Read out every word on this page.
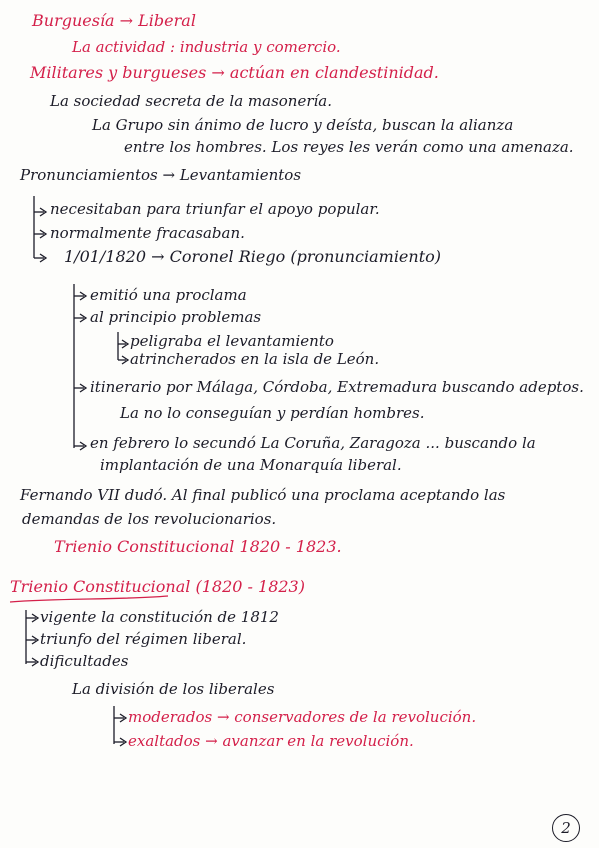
Burguesía → Liberal
La actividad : industria y comercio.
Militares y burgueses → actúan en clandestinidad.
La sociedad secreta de la masonería.
La Grupo sin ánimo de lucro y deísta, buscan la alianza
entre los hombres. Los reyes les verán como una amenaza.
Pronunciamientos → Levantamientos
necesitaban para triunfar el apoyo popular.
normalmente fracasaban.
1/01/1820 → Coronel Riego (pronunciamiento)
emitió una proclama
al principio problemas
peligraba el levantamiento
atrincherados en la isla de León.
itinerario por Málaga, Córdoba, Extremadura buscando adeptos.
La no lo conseguían y perdían hombres.
en febrero lo secundó La Coruña, Zaragoza ... buscando la
implantación de una Monarquía liberal.
Fernando VII dudó. Al final publicó una proclama aceptando las
demandas de los revolucionarios.
Trienio Constitucional 1820 - 1823.
Trienio Constitucional (1820 - 1823)
vigente la constitución de 1812
triunfo del régimen liberal.
dificultades
La división de los liberales
moderados → conservadores de la revolución.
exaltados → avanzar en la revolución.
2
